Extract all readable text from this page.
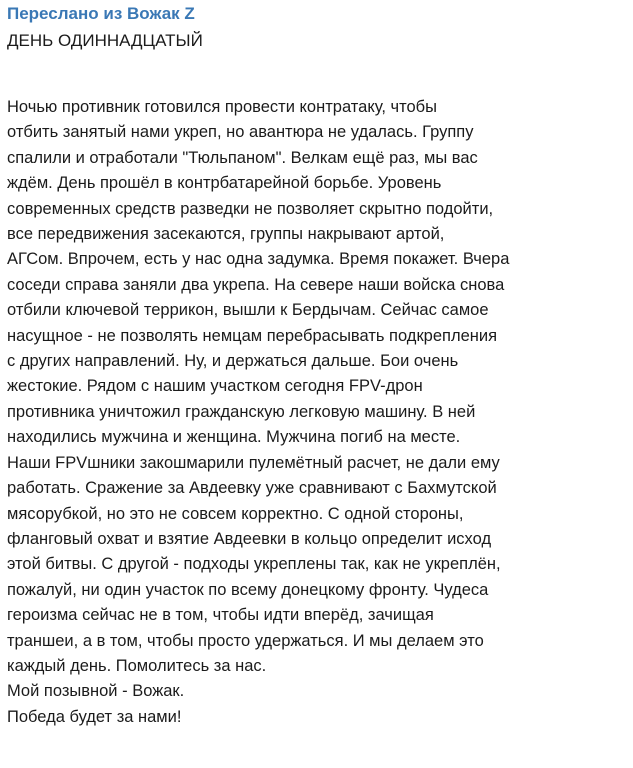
Переслано из Вожак Z
ДЕНЬ ОДИННАДЦАТЫЙ
Ночью противник готовился провести контратаку, чтобы
отбить занятый нами укреп, но авантюра не удалась. Группу
спалили и отработали "Тюльпаном". Велкам ещё раз, мы вас
ждём. День прошёл в контрбатарейной борьбе. Уровень
современных средств разведки не позволяет скрытно подойти,
все передвижения засекаются, группы накрывают артой,
АГСом. Впрочем, есть у нас одна задумка. Время покажет. Вчера
соседи справа заняли два укрепа. На севере наши войска снова
отбили ключевой террикон, вышли к Бердычам. Сейчас самое
насущное - не позволять немцам перебрасывать подкрепления
с других направлений. Ну, и держаться дальше. Бои очень
жестокие. Рядом с нашим участком сегодня FPV-дрон
противника уничтожил гражданскую легковую машину. В ней
находились мужчина и женщина. Мужчина погиб на месте.
Наши FPVшники закошмарили пулемётный расчет, не дали ему
работать. Сражение за Авдеевку уже сравнивают с Бахмутской
мясорубкой, но это не совсем корректно. С одной стороны,
фланговый охват и взятие Авдеевки в кольцо определит исход
этой битвы. С другой - подходы укреплены так, как не укреплён,
пожалуй, ни один участок по всему донецкому фронту. Чудеса
героизма сейчас не в том, чтобы идти вперёд, зачищая
траншеи, а в том, чтобы просто удержаться. И мы делаем это
каждый день. Помолитесь за нас.
Мой позывной - Вожак.
Победа будет за нами!
